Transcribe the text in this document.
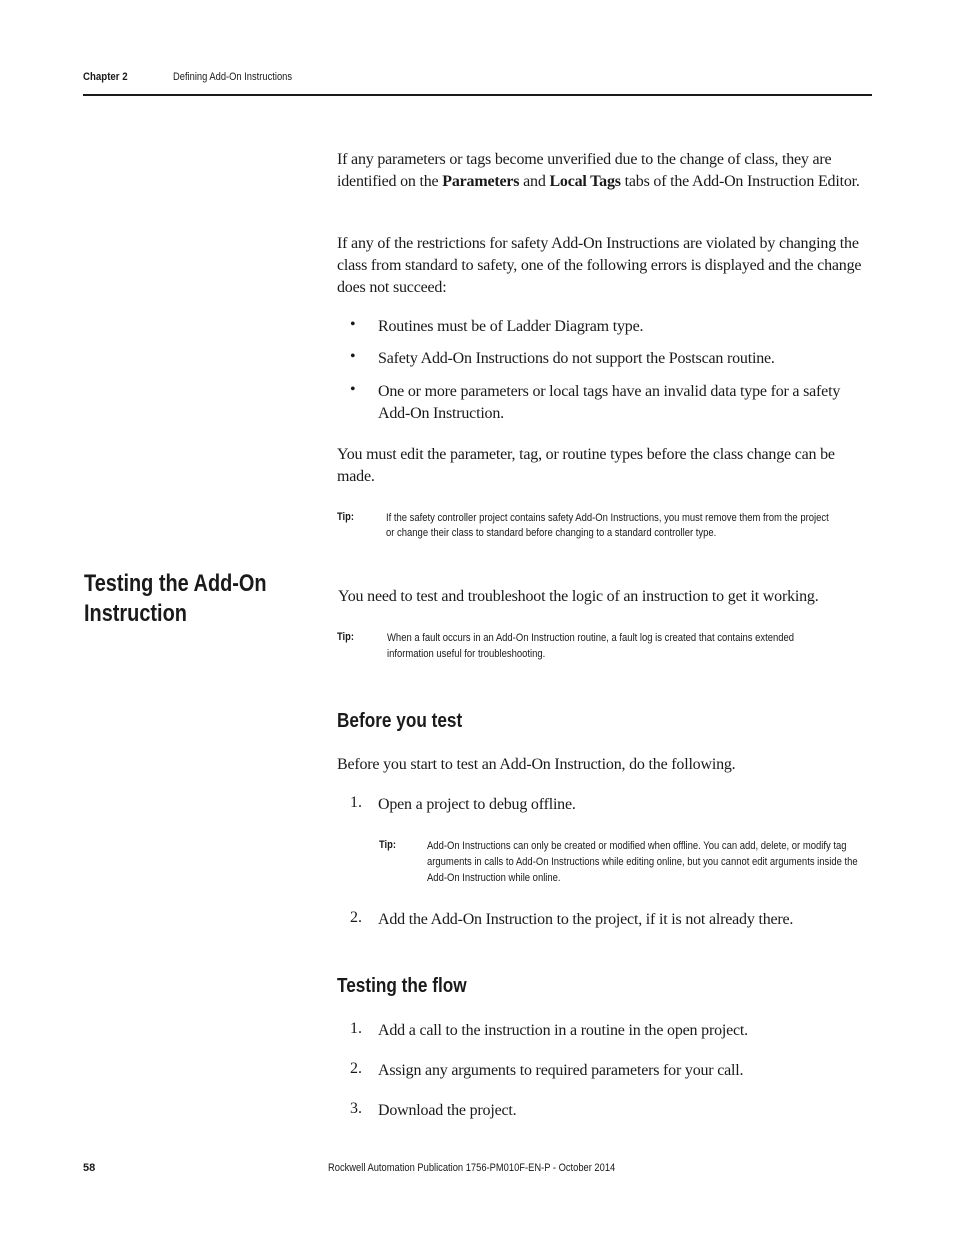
Chapter 2	Defining Add-On Instructions
If any parameters or tags become unverified due to the change of class, they are identified on the Parameters and Local Tags tabs of the Add-On Instruction Editor.
If any of the restrictions for safety Add-On Instructions are violated by changing the class from standard to safety, one of the following errors is displayed and the change does not succeed:
• Routines must be of Ladder Diagram type.
• Safety Add-On Instructions do not support the Postscan routine.
• One or more parameters or local tags have an invalid data type for a safety Add-On Instruction.
You must edit the parameter, tag, or routine types before the class change can be made.
Tip:	If the safety controller project contains safety Add-On Instructions, you must remove them from the project
or change their class to standard before changing to a standard controller type.
Testing the Add-On
Instruction
You need to test and troubleshoot the logic of an instruction to get it working.
Tip:	When a fault occurs in an Add-On Instruction routine, a fault log is created that contains extended
information useful for troubleshooting.
Before you test
Before you start to test an Add-On Instruction, do the following.
1. Open a project to debug offline.
Tip:	Add-On Instructions can only be created or modified when offline. You can add, delete, or modify tag
arguments in calls to Add-On Instructions while editing online, but you cannot edit arguments inside the
Add-On Instruction while online.
2. Add the Add-On Instruction to the project, if it is not already there.
Testing the flow
1. Add a call to the instruction in a routine in the open project.
2. Assign any arguments to required parameters for your call.
3. Download the project.
58	Rockwell Automation Publication 1756-PM010F-EN-P - October 2014
